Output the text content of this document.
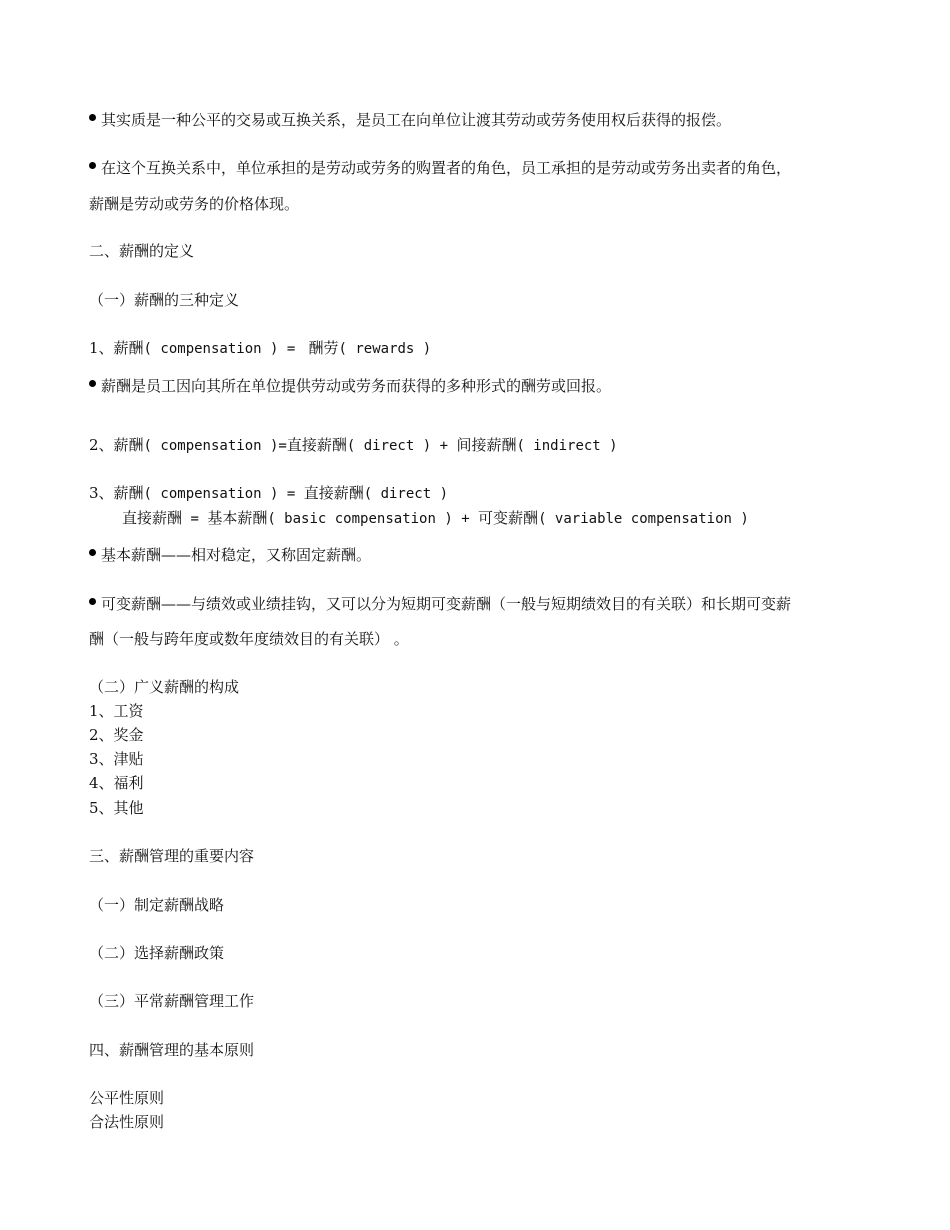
其实质是一种公平的交易或互换关系，是员工在向单位让渡其劳动或劳务使用权后获得的报偿。
在这个互换关系中，单位承担的是劳动或劳务的购置者的角色，员工承担的是劳动或劳务出卖者的角色，
薪酬是劳动或劳务的价格体现。
二、薪酬的定义
（一）薪酬的三种定义
1、薪酬( compensation ) =  酬劳( rewards )
薪酬是员工因向其所在单位提供劳动或劳务而获得的多种形式的酬劳或回报。
2、薪酬( compensation )=直接薪酬( direct ) + 间接薪酬( indirect )
3、薪酬( compensation ) = 直接薪酬( direct )
直接薪酬 = 基本薪酬( basic compensation ) + 可变薪酬( variable compensation )
基本薪酬——相对稳定，又称固定薪酬。
可变薪酬——与绩效或业绩挂钩，又可以分为短期可变薪酬（一般与短期绩效目的有关联）和长期可变薪
酬（一般与跨年度或数年度绩效目的有关联） 。
（二）广义薪酬的构成
1、工资
2、奖金
3、津贴
4、福利
5、其他
三、薪酬管理的重要内容
（一）制定薪酬战略
（二）选择薪酬政策
（三）平常薪酬管理工作
四、薪酬管理的基本原则
公平性原则
合法性原则
